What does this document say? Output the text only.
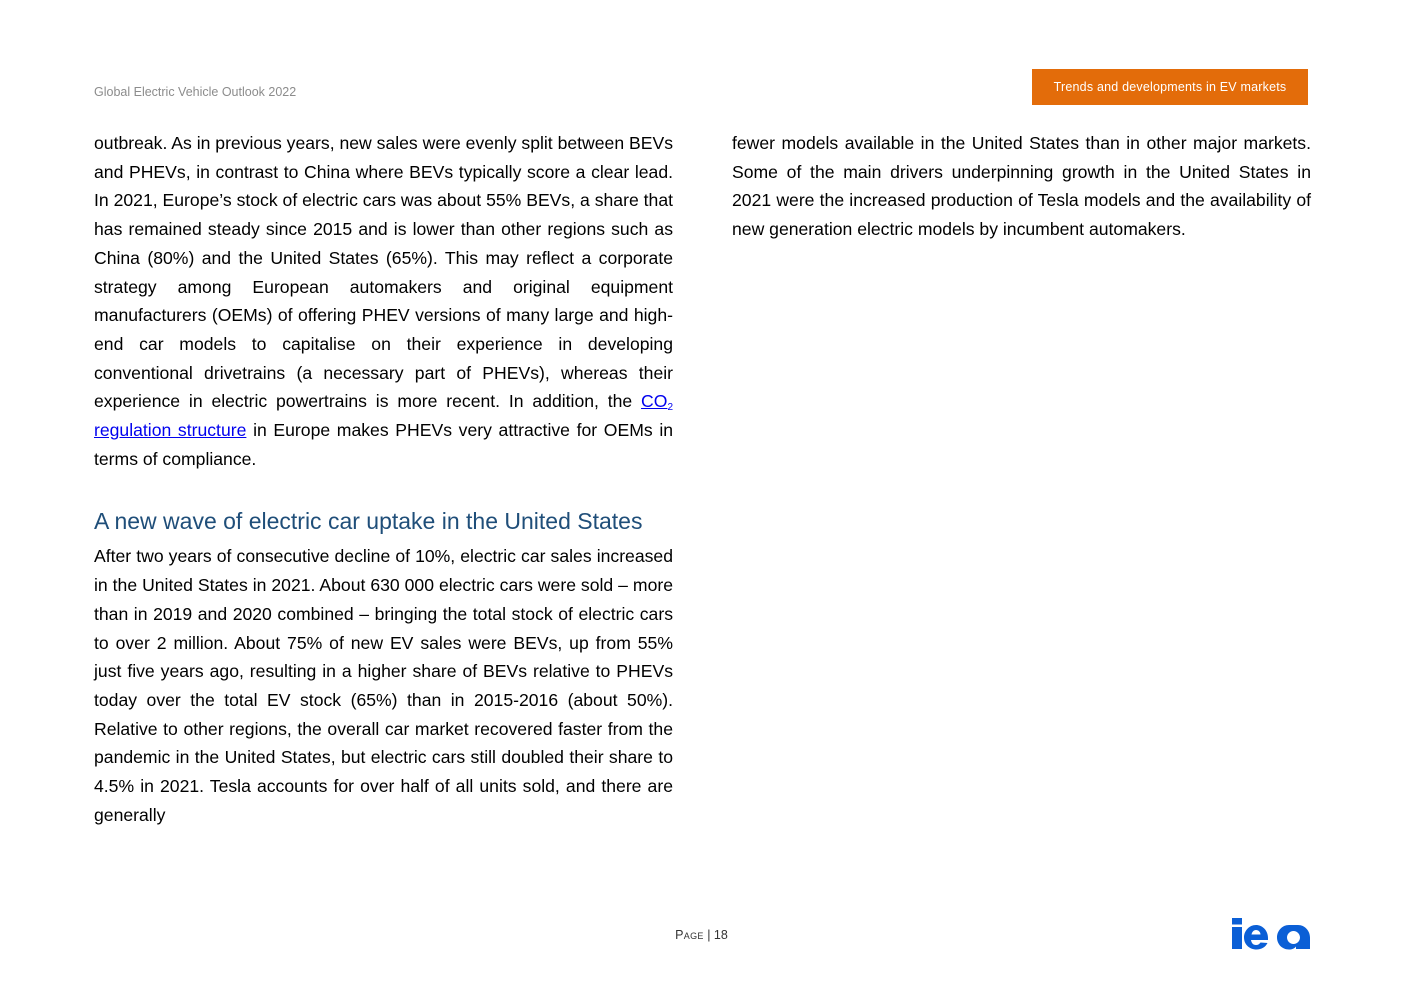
Global Electric Vehicle Outlook 2022	Trends and developments in EV markets

outbreak. As in previous years, new sales were evenly split between BEVs and PHEVs, in contrast to China where BEVs typically score a clear lead. In 2021, Europe’s stock of electric cars was about 55% BEVs, a share that has remained steady since 2015 and is lower than other regions such as China (80%) and the United States (65%). This may reflect a corporate strategy among European automakers and original equipment manufacturers (OEMs) of offering PHEV versions of many large and high-end car models to capitalise on their experience in developing conventional drivetrains (a necessary part of PHEVs), whereas their experience in electric powertrains is more recent. In addition, the $CO_2$ regulation structure in Europe makes PHEVs very attractive for OEMs in terms of compliance.

A new wave of electric car uptake in the United States

After two years of consecutive decline of 10%, electric car sales increased in the United States in 2021. About 630 000 electric cars were sold – more than in 2019 and 2020 combined – bringing the total stock of electric cars to over 2 million. About 75% of new EV sales were BEVs, up from 55% just five years ago, resulting in a higher share of BEVs relative to PHEVs today over the total EV stock (65%) than in 2015-2016 (about 50%). Relative to other regions, the overall car market recovered faster from the pandemic in the United States, but electric cars still doubled their share to 4.5% in 2021. Tesla accounts for over half of all units sold, and there are generally

fewer models available in the United States than in other major markets. Some of the main drivers underpinning growth in the United States in 2021 were the increased production of Tesla models and the availability of new generation electric models by incumbent automakers.

Page | 18
